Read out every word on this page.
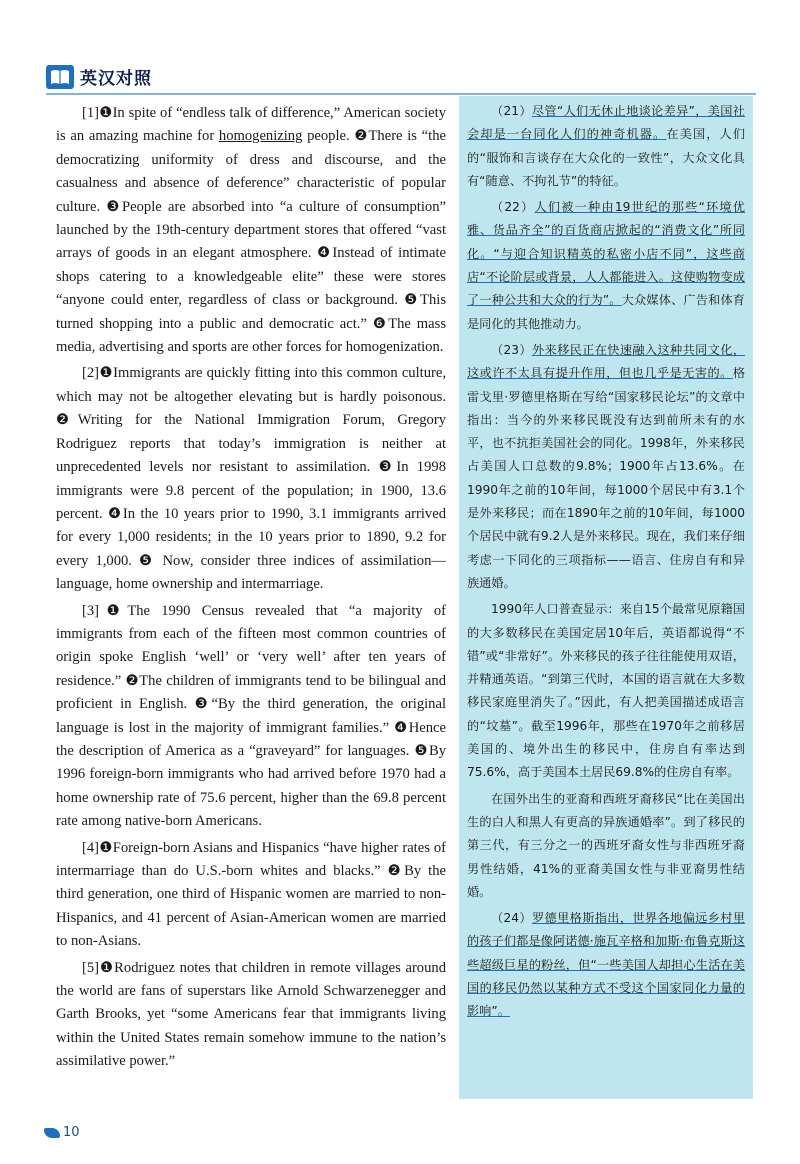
英汉对照

[1]❶In spite of “endless talk of difference,” American society is an amazing machine for homogenizing people. ❷There is “the democratizing uniformity of dress and discourse, and the casualness and absence of deference” characteristic of popular culture. ❸People are absorbed into “a culture of consumption” launched by the 19th-century department stores that offered “vast arrays of goods in an elegant atmosphere. ❹Instead of intimate shops catering to a knowledgeable elite” these were stores “anyone could enter, regardless of class or background. ❺This turned shopping into a public and democratic act.” ❻The mass media, advertising and sports are other forces for homogenization.

[2]❶Immigrants are quickly fitting into this common culture, which may not be altogether elevating but is hardly poisonous. ❷Writing for the National Immigration Forum, Gregory Rodriguez reports that today’s immigration is neither at unprecedented levels nor resistant to assimilation. ❸In 1998 immigrants were 9.8 percent of the population; in 1900, 13.6 percent. ❹In the 10 years prior to 1990, 3.1 immigrants arrived for every 1,000 residents; in the 10 years prior to 1890, 9.2 for every 1,000. ❺ Now, consider three indices of assimilation—language, home ownership and intermarriage.

[3]❶The 1990 Census revealed that “a majority of immigrants from each of the fifteen most common countries of origin spoke English ‘well’ or ‘very well’ after ten years of residence.” ❷The children of immigrants tend to be bilingual and proficient in English. ❸“By the third generation, the original language is lost in the majority of immigrant families.” ❹Hence the description of America as a “graveyard” for languages. ❺By 1996 foreign-born immigrants who had arrived before 1970 had a home ownership rate of 75.6 percent, higher than the 69.8 percent rate among native-born Americans.

[4]❶Foreign-born Asians and Hispanics “have higher rates of intermarriage than do U.S.-born whites and blacks.” ❷By the third generation, one third of Hispanic women are married to non-Hispanics, and 41 percent of Asian-American women are married to non-Asians.

[5]❶Rodriguez notes that children in remote villages around the world are fans of superstars like Arnold Schwarzenegger and Garth Brooks, yet “some Americans fear that immigrants living within the United States remain somehow immune to the nation’s assimilative power.”

（21）尽管“人们无休止地谈论差异”，美国社会却是一台同化人们的神奇机器。在美国，人们的“服饰和言谈存在大众化的一致性”，大众文化具有“随意、不拘礼节”的特征。

（22）人们被一种由19世纪的那些“环境优雅、货品齐全”的百货商店掀起的“消费文化”所同化。“与迎合知识精英的私密小店不同”，这些商店“不论阶层或背景，人人都能进入。这使购物变成了一种公共和大众的行为”。大众媒体、广告和体育是同化的其他推动力。

（23）外来移民正在快速融入这种共同文化，这或许不太具有提升作用，但也几乎是无害的。格雷戈里·罗德里格斯在写给“国家移民论坛”的文章中指出：当今的外来移民既没有达到前所未有的水平，也不抗拒美国社会的同化。1998年，外来移民占美国人口总数的9.8%；1900年占13.6%。在1990年之前的10年间，每1000个居民中有3.1个是外来移民；而在1890年之前的10年间，每1000个居民中就有9.2人是外来移民。现在，我们来仔细考虑一下同化的三项指标——语言、住房自有和异族通婚。

1990年人口普查显示：来自15个最常见原籍国的大多数移民在美国定居10年后，英语都说得“不错”或“非常好”。外来移民的孩子往往能使用双语，并精通英语。“到第三代时，本国的语言就在大多数移民家庭里消失了。”因此，有人把美国描述成语言的“坟墓”。截至1996年，那些在1970年之前移居美国的、境外出生的移民中，住房自有率达到75.6%，高于美国本土居民69.8%的住房自有率。

在国外出生的亚裔和西班牙裔移民“比在美国出生的白人和黑人有更高的异族通婚率”。到了移民的第三代，有三分之一的西班牙裔女性与非西班牙裔男性结婚，41%的亚裔美国女性与非亚裔男性结婚。

（24）罗德里格斯指出，世界各地偏远乡村里的孩子们都是像阿诺德·施瓦辛格和加斯·布鲁克斯这些超级巨星的粉丝，但“一些美国人却担心生活在美国的移民仍然以某种方式不受这个国家同化力量的影响”。

10
